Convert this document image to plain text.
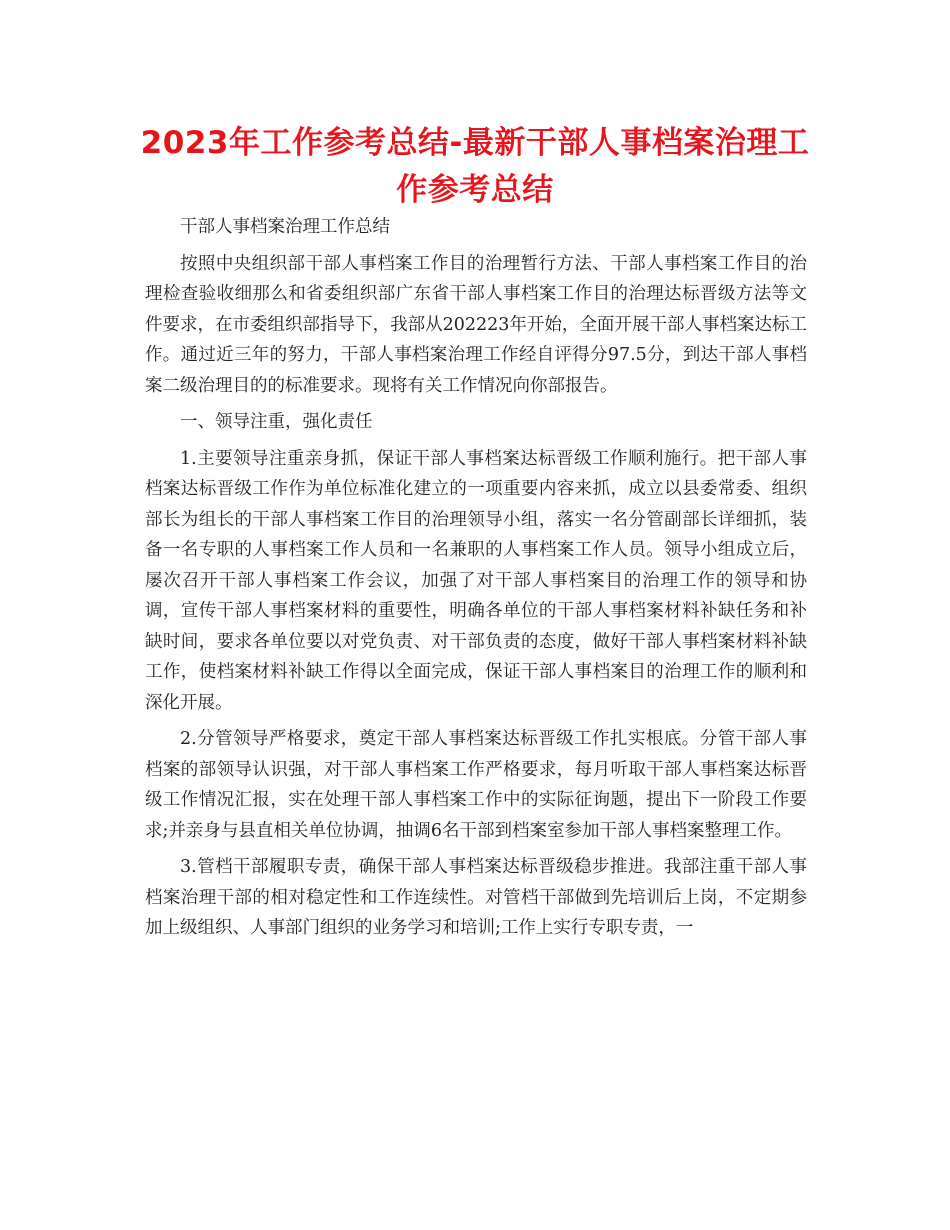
2023年工作参考总结-最新干部人事档案治理工作参考总结

干部人事档案治理工作总结

按照中央组织部干部人事档案工作目的治理暂行方法、干部人事档案工作目的治理检查验收细那么和省委组织部广东省干部人事档案工作目的治理达标晋级方法等文件要求，在市委组织部指导下，我部从202223年开始，全面开展干部人事档案达标工作。通过近三年的努力，干部人事档案治理工作经自评得分97.5分，到达干部人事档案二级治理目的的标准要求。现将有关工作情况向你部报告。

一、领导注重，强化责任

1.主要领导注重亲身抓，保证干部人事档案达标晋级工作顺利施行。把干部人事档案达标晋级工作作为单位标准化建立的一项重要内容来抓，成立以县委常委、组织部长为组长的干部人事档案工作目的治理领导小组，落实一名分管副部长详细抓，装备一名专职的人事档案工作人员和一名兼职的人事档案工作人员。领导小组成立后，屡次召开干部人事档案工作会议，加强了对干部人事档案目的治理工作的领导和协调，宣传干部人事档案材料的重要性，明确各单位的干部人事档案材料补缺任务和补缺时间，要求各单位要以对党负责、对干部负责的态度，做好干部人事档案材料补缺工作，使档案材料补缺工作得以全面完成，保证干部人事档案目的治理工作的顺利和深化开展。

2.分管领导严格要求，奠定干部人事档案达标晋级工作扎实根底。分管干部人事档案的部领导认识强，对干部人事档案工作严格要求，每月听取干部人事档案达标晋级工作情况汇报，实在处理干部人事档案工作中的实际征询题，提出下一阶段工作要求;并亲身与县直相关单位协调，抽调6名干部到档案室参加干部人事档案整理工作。

3.管档干部履职专责，确保干部人事档案达标晋级稳步推进。我部注重干部人事档案治理干部的相对稳定性和工作连续性。对管档干部做到先培训后上岗，不定期参加上级组织、人事部门组织的业务学习和培训;工作上实行专职专责，一
